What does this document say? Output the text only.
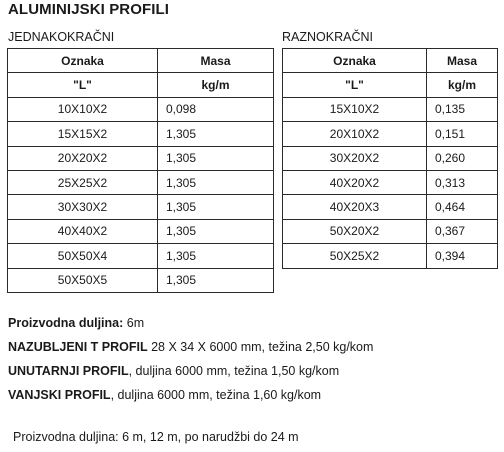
ALUMINIJSKI PROFILI
JEDNAKOKRAČNI	RAZNOKRAČNI
Oznaka	Masa
"L"	kg/m
10X10X2	0,098
15X15X2	1,305
20X20X2	1,305
25X25X2	1,305
30X30X2	1,305
40X40X2	1,305
50X50X4	1,305
50X50X5	1,305
Oznaka	Masa
"L"	kg/m
15X10X2	0,135
20X10X2	0,151
30X20X2	0,260
40X20X2	0,313
40X20X3	0,464
50X20X2	0,367
50X25X2	0,394
Proizvodna duljina: 6m
NAZUBLJENI T PROFIL 28 X 34 X 6000 mm, težina 2,50 kg/kom
UNUTARNJI PROFIL, duljina 6000 mm, težina 1,50 kg/kom
VANJSKI PROFIL, duljina 6000 mm, težina 1,60 kg/kom
Proizvodna duljina: 6 m, 12 m, po narudžbi do 24 m
